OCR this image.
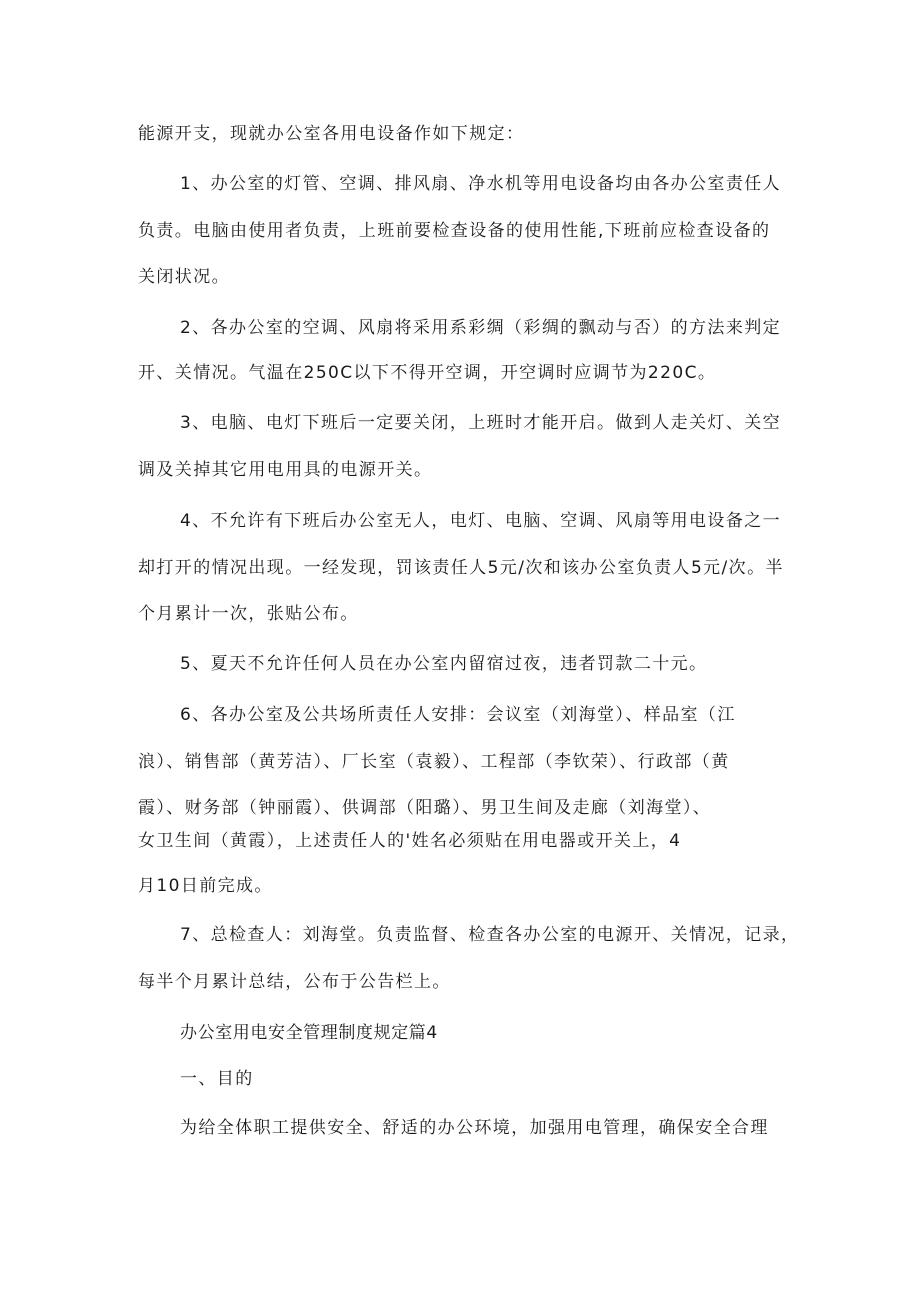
能源开支，现就办公室各用电设备作如下规定：
1、办公室的灯管、空调、排风扇、净水机等用电设备均由各办公室责任人
负责。电脑由使用者负责，上班前要检查设备的使用性能,下班前应检查设备的
关闭状况。
2、各办公室的空调、风扇将采用系彩绸（彩绸的飘动与否）的方法来判定
开、关情况。气温在250C以下不得开空调，开空调时应调节为220C。
3、电脑、电灯下班后一定要关闭，上班时才能开启。做到人走关灯、关空
调及关掉其它用电用具的电源开关。
4、不允许有下班后办公室无人，电灯、电脑、空调、风扇等用电设备之一
却打开的情况出现。一经发现，罚该责任人5元/次和该办公室负责人5元/次。半
个月累计一次，张贴公布。
5、夏天不允许任何人员在办公室内留宿过夜，违者罚款二十元。
6、各办公室及公共场所责任人安排：会议室（刘海堂）、样品室（江
浪）、销售部（黄芳洁）、厂长室（袁毅）、工程部（李钦荣）、行政部（黄
霞）、财务部（钟丽霞）、供调部（阳璐）、男卫生间及走廊（刘海堂）、
女卫生间（黄霞），上述责任人的'姓名必须贴在用电器或开关上，4
月10日前完成。
7、总检查人：刘海堂。负责监督、检查各办公室的电源开、关情况，记录，
每半个月累计总结，公布于公告栏上。
办公室用电安全管理制度规定篇4
一、目的
为给全体职工提供安全、舒适的办公环境，加强用电管理，确保安全合理
